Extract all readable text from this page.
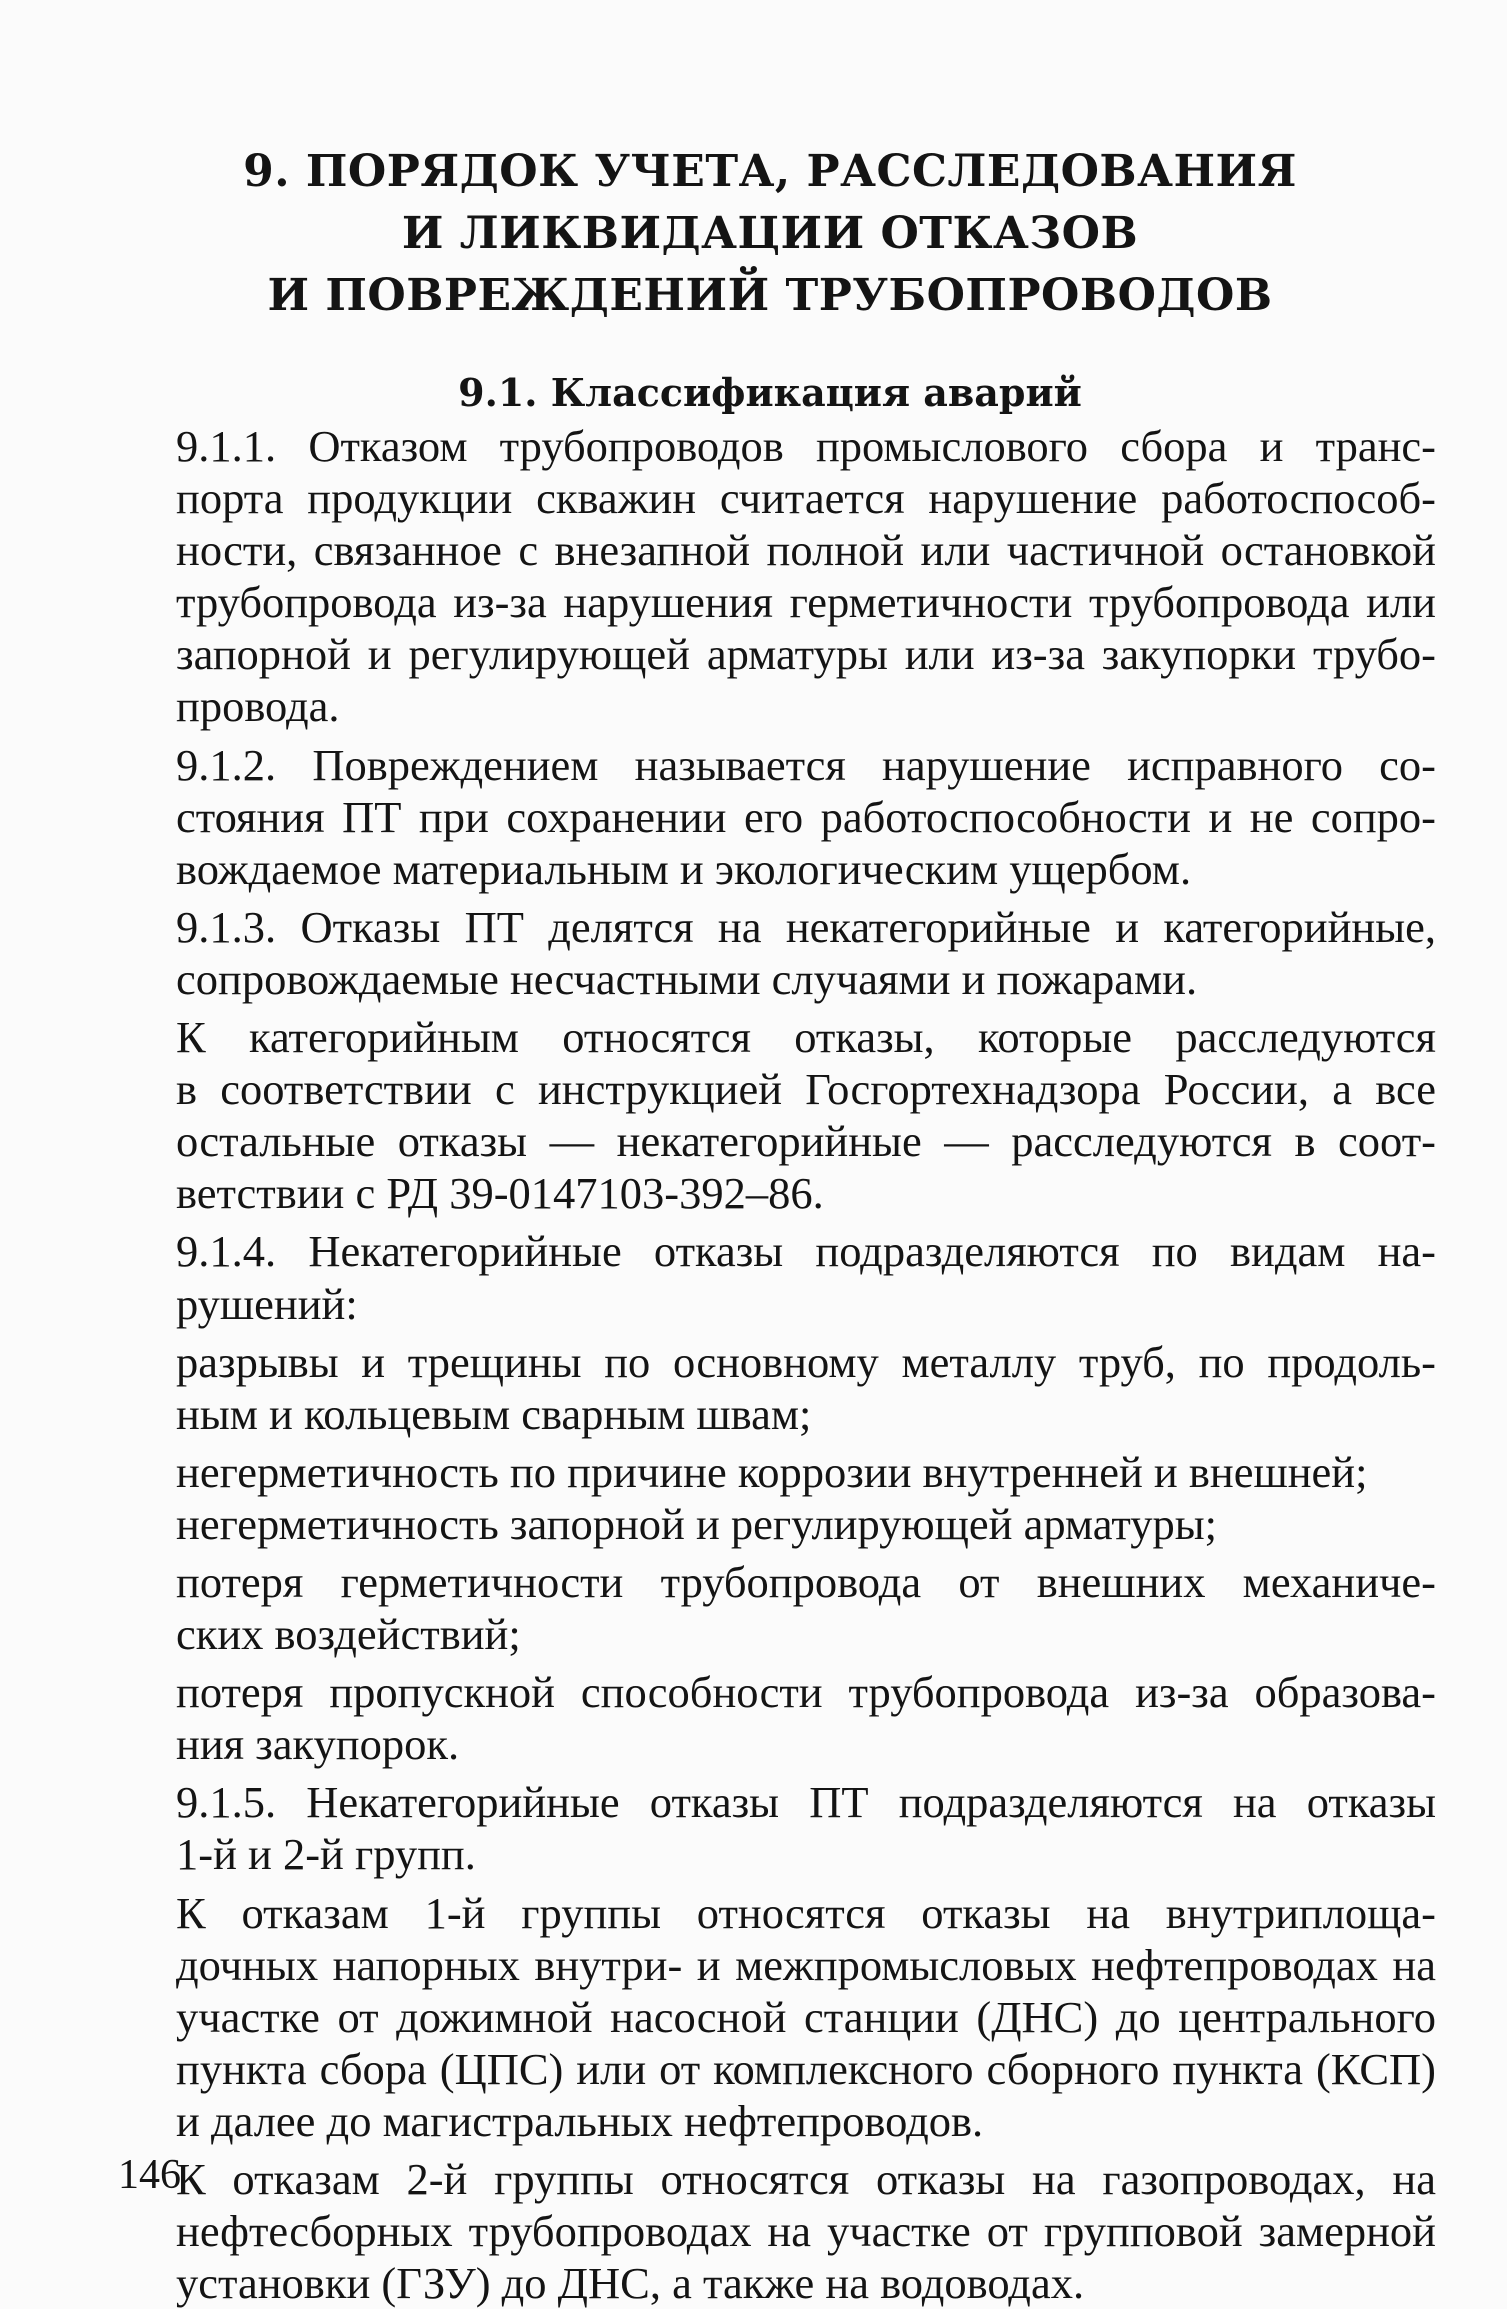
9. ПОРЯДОК УЧЕТА, РАССЛЕДОВАНИЯ
И ЛИКВИДАЦИИ ОТКАЗОВ
И ПОВРЕЖДЕНИЙ ТРУБОПРОВОДОВ
9.1. Классификация аварий

9.1.1. Отказом трубопроводов промыслового сбора и транс-
порта продукции скважин считается нарушение работоспособ-
ности, связанное с внезапной полной или частичной остановкой
трубопровода из-за нарушения герметичности трубопровода или
запорной и регулирующей арматуры или из-за закупорки трубо-
провода.

9.1.2. Повреждением называется нарушение исправного со-
стояния ПТ при сохранении его работоспособности и не сопро-
вождаемое материальным и экологическим ущербом.

9.1.3. Отказы ПТ делятся на некатегорийные и категорийные,
сопровождаемые несчастными случаями и пожарами.

К категорийным относятся отказы, которые расследуются
в соответствии с инструкцией Госгортехнадзора России, а все
остальные отказы — некатегорийные — расследуются в соот-
ветствии с РД 39-0147103-392–86.

9.1.4. Некатегорийные отказы подразделяются по видам на-
рушений:

разрывы и трещины по основному металлу труб, по продоль-
ным и кольцевым сварным швам;

негерметичность по причине коррозии внутренней и внешней;

негерметичность запорной и регулирующей арматуры;

потеря герметичности трубопровода от внешних механиче-
ских воздействий;

потеря пропускной способности трубопровода из-за образова-
ния закупорок.

9.1.5. Некатегорийные отказы ПТ подразделяются на отказы
1-й и 2-й групп.

К отказам 1-й группы относятся отказы на внутриплоща-
дочных напорных внутри- и межпромысловых нефтепроводах на
участке от дожимной насосной станции (ДНС) до центрального
пункта сбора (ЦПС) или от комплексного сборного пункта (КСП)
и далее до магистральных нефтепроводов.

К отказам 2-й группы относятся отказы на газопроводах, на
нефтесборных трубопроводах на участке от групповой замерной
установки (ГЗУ) до ДНС, а также на водоводах.

146
